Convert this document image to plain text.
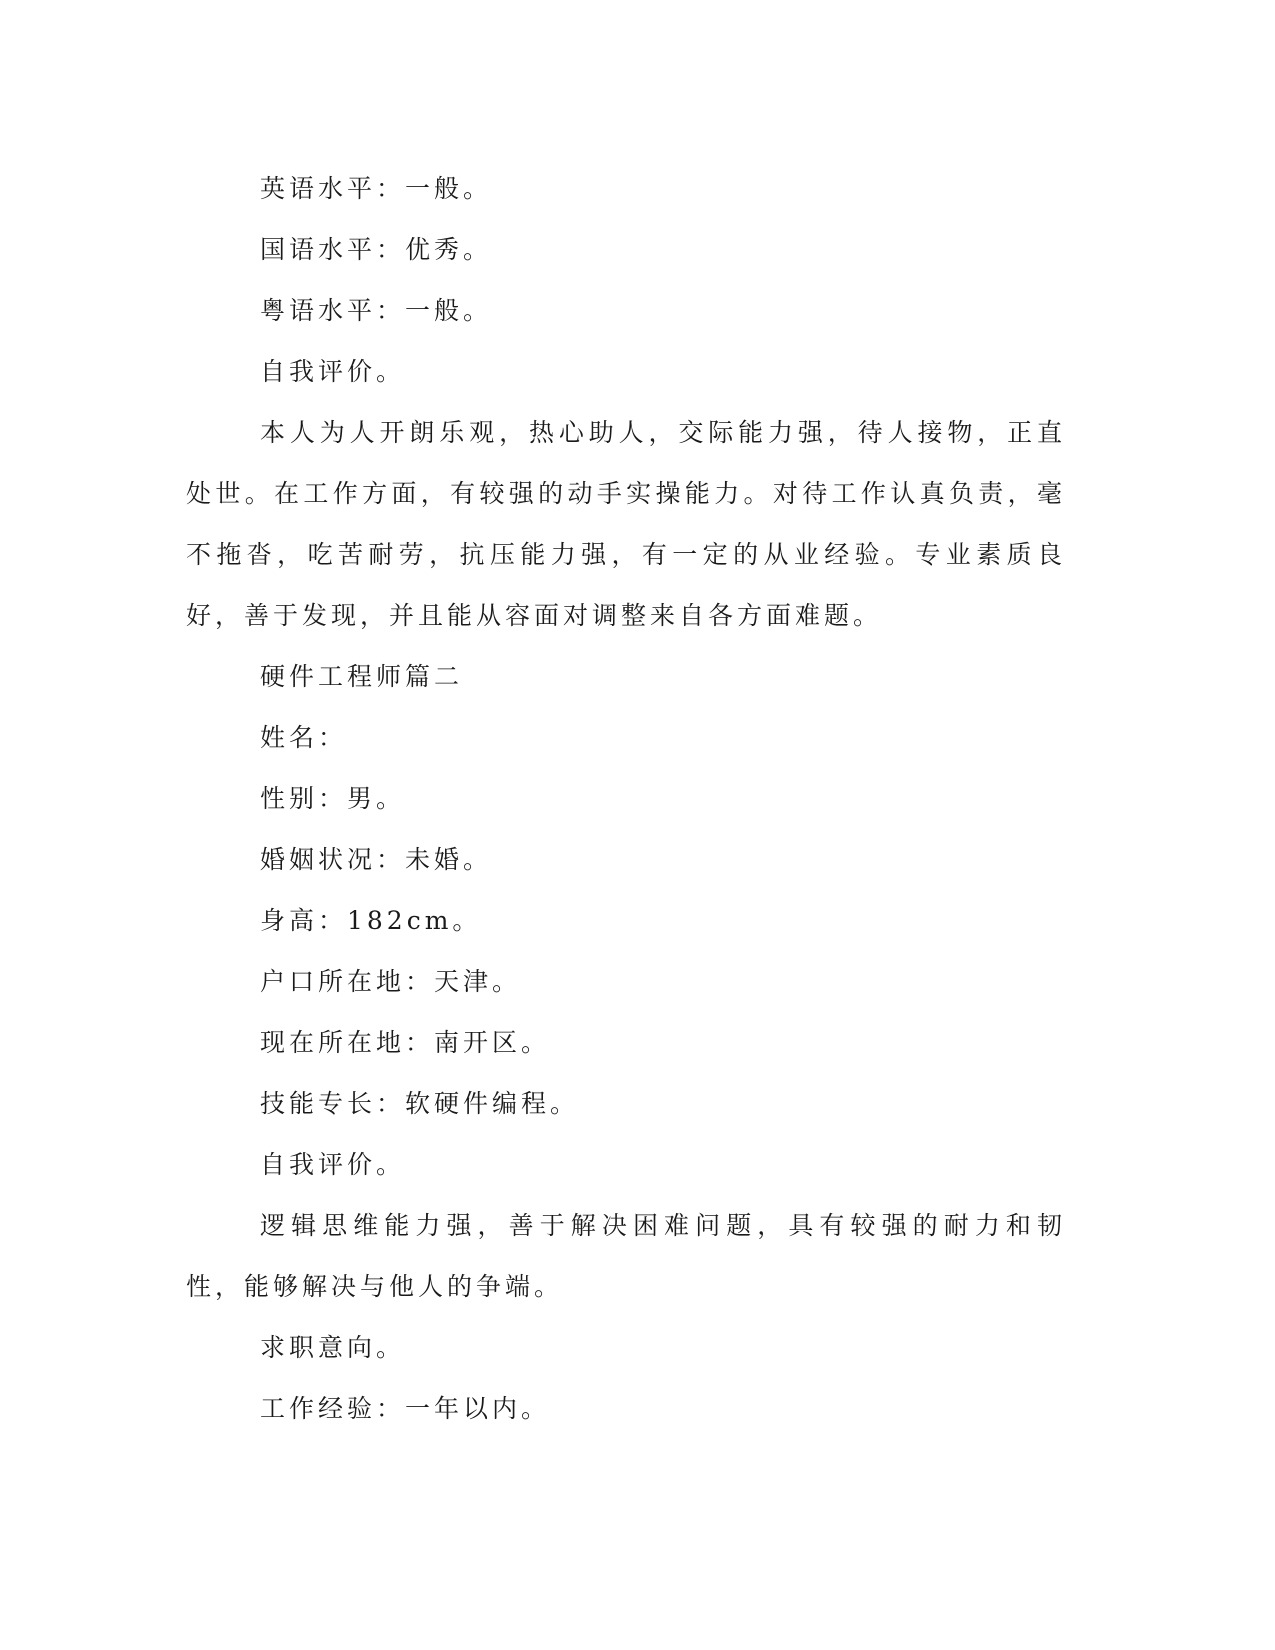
英语水平：一般。

国语水平：优秀。

粤语水平：一般。

自我评价。

本人为人开朗乐观，热心助人，交际能力强，待人接物，正直处世。在工作方面，有较强的动手实操能力。对待工作认真负责，毫不拖沓，吃苦耐劳，抗压能力强，有一定的从业经验。专业素质良好，善于发现，并且能从容面对调整来自各方面难题。

硬件工程师篇二

姓名：

性别：男。

婚姻状况：未婚。

身高：182cm。

户口所在地：天津。

现在所在地：南开区。

技能专长：软硬件编程。

自我评价。

逻辑思维能力强，善于解决困难问题，具有较强的耐力和韧性，能够解决与他人的争端。

求职意向。

工作经验：一年以内。
